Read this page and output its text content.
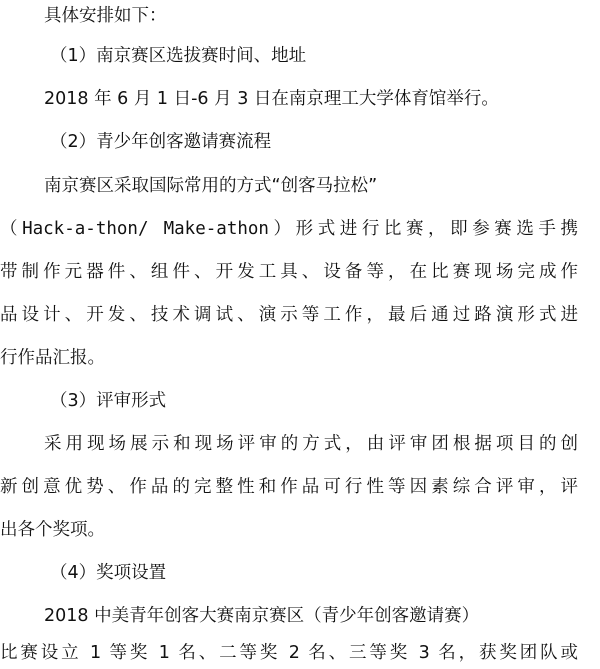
具体安排如下：
（1）南京赛区选拔赛时间、地址
2018 年 6 月 1 日-6 月 3 日在南京理工大学体育馆举行。
（2）青少年创客邀请赛流程
南京赛区采取国际常用的方式“创客马拉松”
（Hack-a-thon/ Make-athon）形式进行比赛，即参赛选手携
带制作元器件、组件、开发工具、设备等，在比赛现场完成作
品设计、开发、技术调试、演示等工作，最后通过路演形式进
行作品汇报。
（3）评审形式
采用现场展示和现场评审的方式，由评审团根据项目的创
新创意优势、作品的完整性和作品可行性等因素综合评审，评
出各个奖项。
（4）奖项设置
2018 中美青年创客大赛南京赛区（青少年创客邀请赛）
比赛设立 1 等奖 1 名、二等奖 2 名、三等奖 3 名，获奖团队或
